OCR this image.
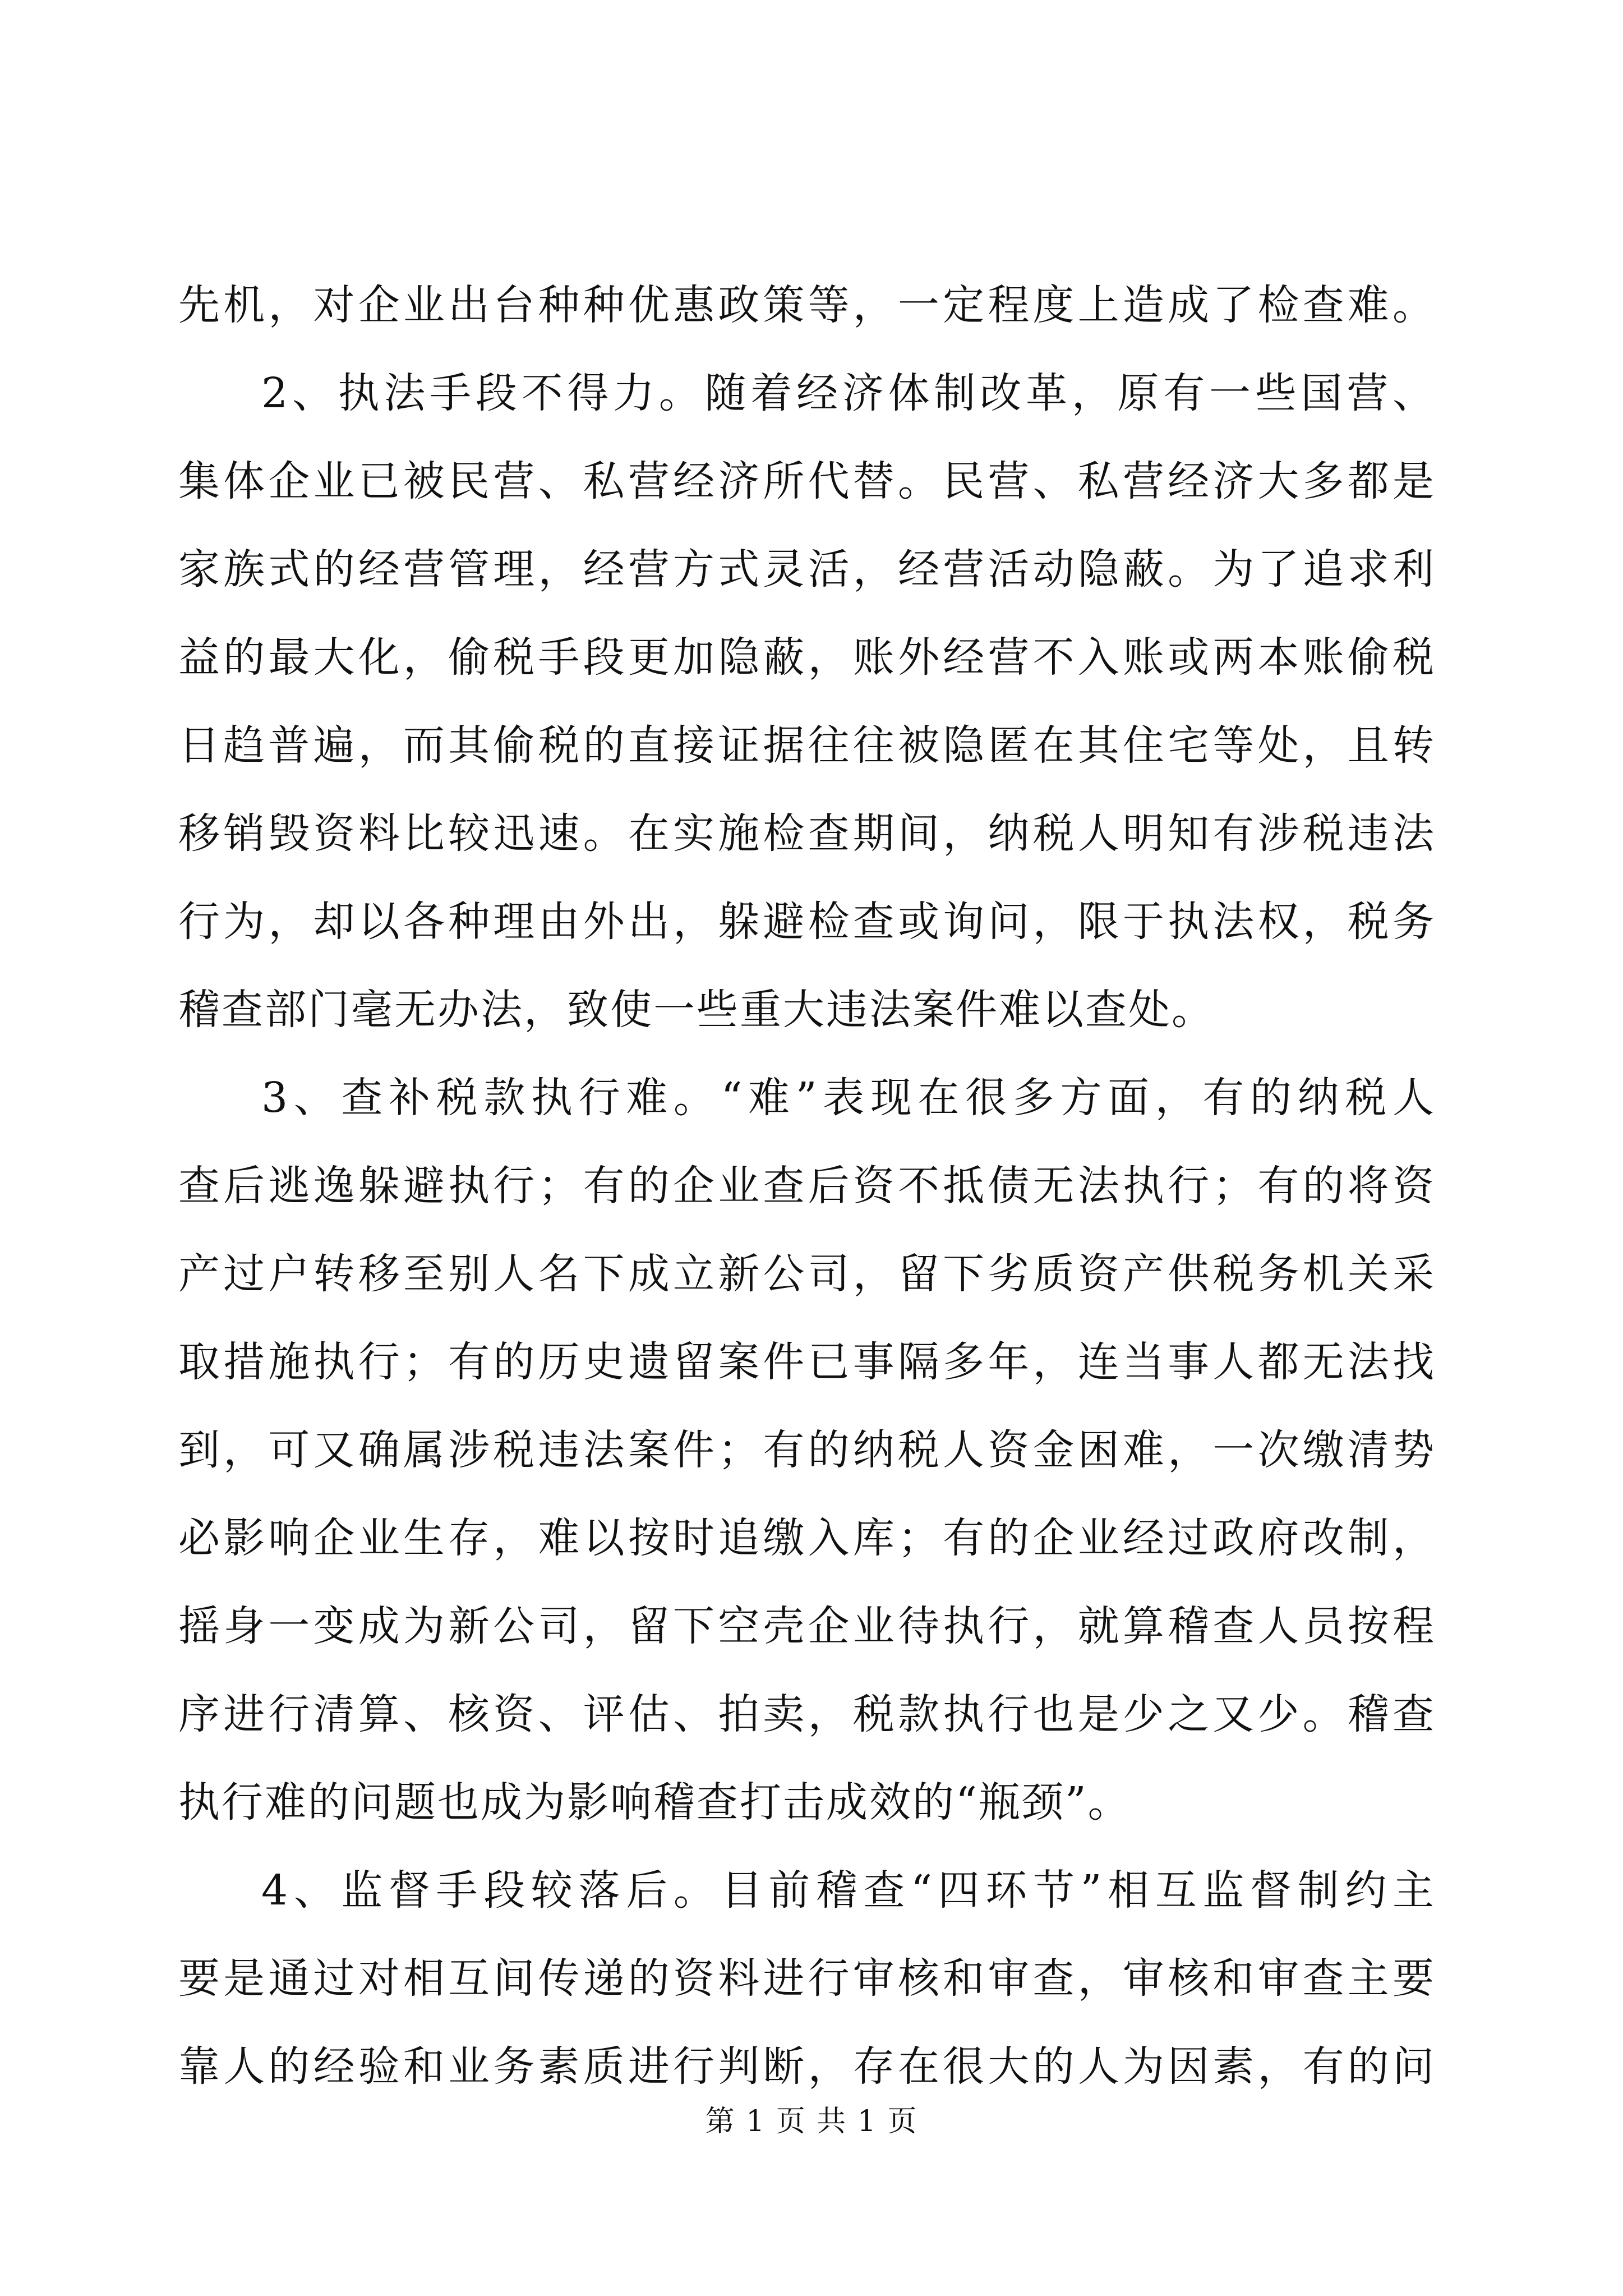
先机，对企业出台种种优惠政策等，一定程度上造成了检查难。
2、执法手段不得力。随着经济体制改革，原有一些国营、
集体企业已被民营、私营经济所代替。民营、私营经济大多都是
家族式的经营管理，经营方式灵活，经营活动隐蔽。为了追求利
益的最大化，偷税手段更加隐蔽，账外经营不入账或两本账偷税
日趋普遍，而其偷税的直接证据往往被隐匿在其住宅等处，且转
移销毁资料比较迅速。在实施检查期间，纳税人明知有涉税违法
行为，却以各种理由外出，躲避检查或询问，限于执法权，税务
稽查部门毫无办法，致使一些重大违法案件难以查处。
3、查补税款执行难。“难”表现在很多方面，有的纳税人
查后逃逸躲避执行；有的企业查后资不抵债无法执行；有的将资
产过户转移至别人名下成立新公司，留下劣质资产供税务机关采
取措施执行；有的历史遗留案件已事隔多年，连当事人都无法找
到，可又确属涉税违法案件；有的纳税人资金困难，一次缴清势
必影响企业生存，难以按时追缴入库；有的企业经过政府改制，
摇身一变成为新公司，留下空壳企业待执行，就算稽查人员按程
序进行清算、核资、评估、拍卖，税款执行也是少之又少。稽查
执行难的问题也成为影响稽查打击成效的“瓶颈”。
4、监督手段较落后。目前稽查“四环节”相互监督制约主
要是通过对相互间传递的资料进行审核和审查，审核和审查主要
靠人的经验和业务素质进行判断，存在很大的人为因素，有的问
第 1 页 共 1 页
